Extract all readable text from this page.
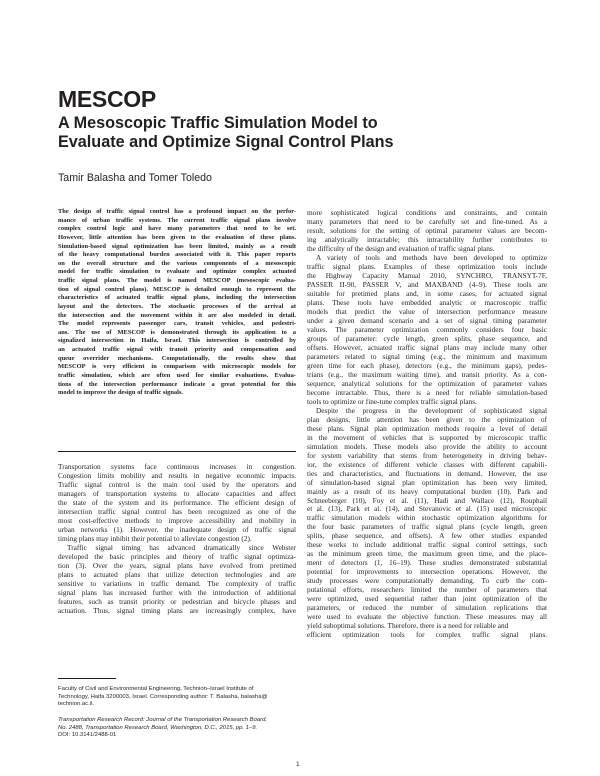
MESCOP
A Mesoscopic Traffic Simulation Model to
Evaluate and Optimize Signal Control Plans
Tamir Balasha and Tomer Toledo

The design of traffic signal control has a profound impact on the perfor-

mance of urban traffic systems. The current traffic signal plans involve

complex control logic and have many parameters that need to be set.

However, little attention has been given to the evaluation of these plans.

Simulation-based signal optimization has been limited, mainly as a result

of the heavy computational burden associated with it. This paper reports

on the overall structure and the various components of a mesoscopic

model for traffic simulation to evaluate and optimize complex actuated

traffic signal plans. The model is named MESCOP (mesoscopic evalua-

tion of signal control plans). MESCOP is detailed enough to represent the

characteristics of actuated traffic signal plans, including the intersection

layout and the detectors. The stochastic processes of the arrival at

the intersection and the movement within it are also modeled in detail.

The model represents passenger cars, transit vehicles, and pedestri-

ans. The use of MESCOP is demonstrated through its application to a

signalized intersection in Haifa, Israel. This intersection is controlled by

an actuated traffic signal with transit priority and compensation and

queue overrider mechanisms. Computationally, the results show that

MESCOP is very efficient in comparison with microscopic models for

traffic simulation, which are often used for similar evaluations. Evalua-

tions of the intersection performance indicate a great potential for this

model to improve the design of traffic signals.

Transportation systems face continuous increases in congestion.

Congestion limits mobility and results in negative economic impacts.

Traffic signal control is the main tool used by the operators and

managers of transportation systems to allocate capacities and affect

the state of the system and its performance. The efficient design of

intersection traffic signal control has been recognized as one of the

most cost-effective methods to improve accessibility and mobility in

urban networks (1). However, the inadequate design of traffic signal

timing plans may inhibit their potential to alleviate congestion (2).

Traffic signal timing has advanced dramatically since Webster

developed the basic principles and theory of traffic signal optimiza-

tion (3). Over the years, signal plans have evolved from pretimed

plans to actuated plans that utilize detection technologies and are

sensitive to variations in traffic demand. The complexity of traffic

signal plans has increased further with the introduction of additional

features, such as transit priority or pedestrian and bicycle phases and

actuation. Thus, signal timing plans are increasingly complex, have

more sophisticated logical conditions and constraints, and contain

many parameters that need to be carefully set and fine-tuned. As a

result, solutions for the setting of optimal parameter values are becom-

ing analytically intractable; this intractability further contributes to

the difficulty of the design and evaluation of traffic signal plans.

A variety of tools and methods have been developed to optimize

traffic signal plans. Examples of these optimization tools include

the Highway Capacity Manual 2010, SYNCHRO, TRANSYT-7F,

PASSER II-90, PASSER V, and MAXBAND (4–9). These tools are

suitable for pretimed plans and, in some cases, for actuated signal

plans. These tools have embedded analytic or macroscopic traffic

models that predict the value of intersection performance measure

under a given demand scenario and a set of signal timing parameter

values. The parameter optimization commonly considers four basic

groups of parameter: cycle length, green splits, phase sequence, and

offsets. However, actuated traffic signal plans may include many other

parameters related to signal timing (e.g., the minimum and maximum

green time for each phase), detectors (e.g., the minimum gaps), pedes-

trians (e.g., the maximum waiting time), and transit priority. As a con-

sequence, analytical solutions for the optimization of parameter values

become intractable. Thus, there is a need for reliable simulation-based

tools to optimize or fine-tune complex traffic signal plans.

Despite the progress in the development of sophisticated signal

plan designs, little attention has been given to the optimization of

these plans. Signal plan optimization methods require a level of detail

in the movement of vehicles that is supported by microscopic traffic

simulation models. These models also provide the ability to account

for system variability that stems from heterogeneity in driving behav-

ior, the existence of different vehicle classes with different capabili-

ties and characteristics, and fluctuations in demand. However, the use

of simulation-based signal plan optimization has been very limited,

mainly as a result of its heavy computational burden (10). Park and

Schneeberger (10), Foy et al. (11), Hadi and Wallace (12), Rouphail

et al. (13), Park et al. (14), and Stevanovic et al. (15) used microscopic

traffic simulation models within stochastic optimization algorithms for

the four basic parameters of traffic signal plans (cycle length, green

splits, phase sequence, and offsets). A few other studies expanded

these works to include additional traffic signal control settings, such

as the minimum green time, the maximum green time, and the place-

ment of detectors (1, 16–19). These studies demonstrated substantial

potential for improvements to intersection operations. However, the

study processes were computationally demanding. To curb the com-

putational efforts, researchers limited the number of parameters that

were optimized, used sequential rather than joint optimization of the

parameters, or reduced the number of simulation replications that

were used to evaluate the objective function. These measures may all

yield suboptimal solutions. Therefore, there is a need for reliable and

efficient optimization tools for complex traffic signal plans.

Faculty of Civil and Environmental Engineering, Technion–Israel Institute of
Technology, Haifa 3200003, Israel. Corresponding author: T. Balasha, balasha@
technion.ac.il.
Transportation Research Record: Journal of the Transportation Research Board,
No. 2488, Transportation Research Board, Washington, D.C., 2015, pp. 1–9.
DOI: 10.3141/2488-01
1
